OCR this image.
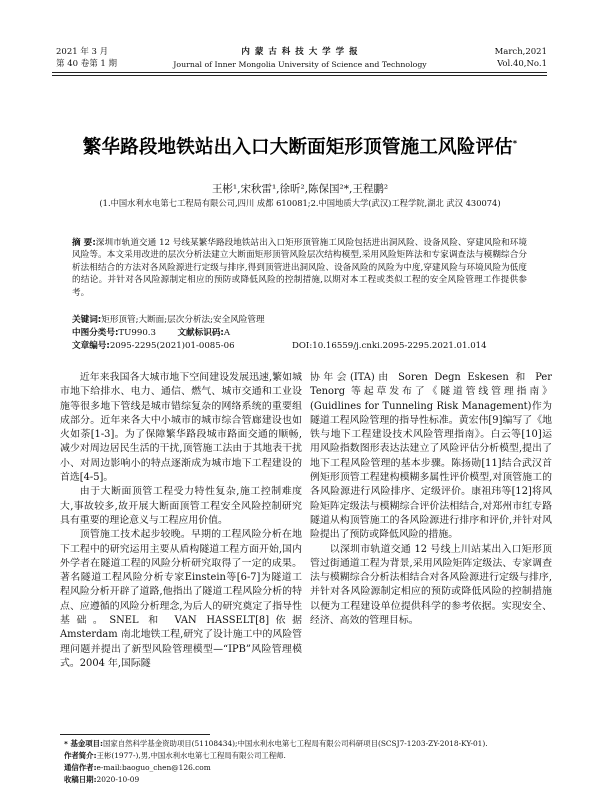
2021 年 3 月
第 40 卷第 1 期
内 蒙 古 科 技 大 学 学 报
Journal of Inner Mongolia University of Science and Technology
March,2021
Vol.40,No.1
繁华路段地铁站出入口大断面矩形顶管施工风险评估*
王彬¹,宋秋雷¹,徐昕²,陈保国²*,王程鹏²
(1.中国水利水电第七工程局有限公司,四川 成都 610081;2.中国地质大学(武汉)工程学院,湖北 武汉 430074)
摘 要:深圳市轨道交通 12 号线某繁华路段地铁站出入口矩形顶管施工风险包括进出洞风险、设备风险、穿建风险和环境风险等。本文采用改进的层次分析法建立大断面矩形顶管风险层次结构模型,采用风险矩阵法和专家调查法与模糊综合分析法相结合的方法对各风险源进行定级与排序,得到顶管进出洞风险、设备风险的风险为中度,穿建风险与环境风险为低度的结论。并针对各风险源制定相应的预防或降低风险的控制措施,以期对本工程或类似工程的安全风险管理工作提供参考。
关键词:矩形顶管;大断面;层次分析法;安全风险管理
中图分类号:TU990.3 文献标识码:A
文章编号:2095-2295(2021)01-0085-06	DOI:10.16559/j.cnki.2095-2295.2021.01.014

近年来我国各大城市地下空间建设发展迅速,繁如城市地下给排水、电力、通信、燃气、城市交通和工业设施等很多地下管线是城市错综复杂的网络系统的重要组成部分。近年来各大中小城市的城市综合管廊建设也如火如荼[1-3]。为了保障繁华路段城市路面交通的顺畅,减少对周边居民生活的干扰,顶管施工法由于其地表干扰小、对周边影响小的特点逐渐成为城市地下工程建设的首选[4-5]。

由于大断面顶管工程受力特性复杂,施工控制难度大,事故较多,故开展大断面顶管工程安全风险控制研究具有重要的理论意义与工程应用价值。

顶管施工技术起步较晚。早期的工程风险分析在地下工程中的研究运用主要从盾构隧道工程方面开始,国内外学者在隧道工程的风险分析研究取得了一定的成果。著名隧道工程风险分析专家Einstein等[6-7]为隧道工程风险分析开辟了道路,他指出了隧道工程风险分析的特点、应遵循的风险分析理念,为后人的研究奠定了指导性基础。SNEL 和 VAN HASSELT[8]依据 Amsterdam 南北地铁工程,研究了设计施工中的风险管理问题并提出了新型风险管理模型—“IPB”风险管理模式。2004 年,国际隧

协年会(ITA)由 Soren Degn Eskesen 和 Per Tenorg 等起草发布了《隧道管线管理指南》(Guidlines for Tunneling Risk Management)作为隧道工程风险管理的指导性标准。黄宏伟[9]编写了《地铁与地下工程建设技术风险管理指南》。白云等[10]运用风险指数图形表达法建立了风险评估分析模型,提出了地下工程风险管理的基本步骤。陈扬勋[11]结合武汉首例矩形顶管工程建构模糊多属性评价模型,对顶管施工的各风险源进行风险排序、定级评价。康祖玮等[12]将风险矩阵定级法与模糊综合评价法相结合,对郑州市红专路隧道从构顶管施工的各风险源进行排序和评价,并针对风险提出了预防或降低风险的措施。

以深圳市轨道交通 12 号线上川站某出入口矩形顶管过街通道工程为背景,采用风险矩阵定级法、专家调查法与模糊综合分析法相结合对各风险源进行定级与排序,并针对各风险源制定相应的预防或降低风险的控制措施以便为工程建设单位提供科学的参考依据。实现安全、经济、高效的管理目标。

* 基金项目:国家自然科学基金资助项目(51108434);中国水利水电第七工程局有限公司科研项目(SCSJ7-1203-ZY-2018-KY-01).
作者简介:王彬(1977-),男,中国水利水电第七工程局有限公司工程师.
通信作者:e-mail:baoguo_chen@126.com
收稿日期:2020-10-09
